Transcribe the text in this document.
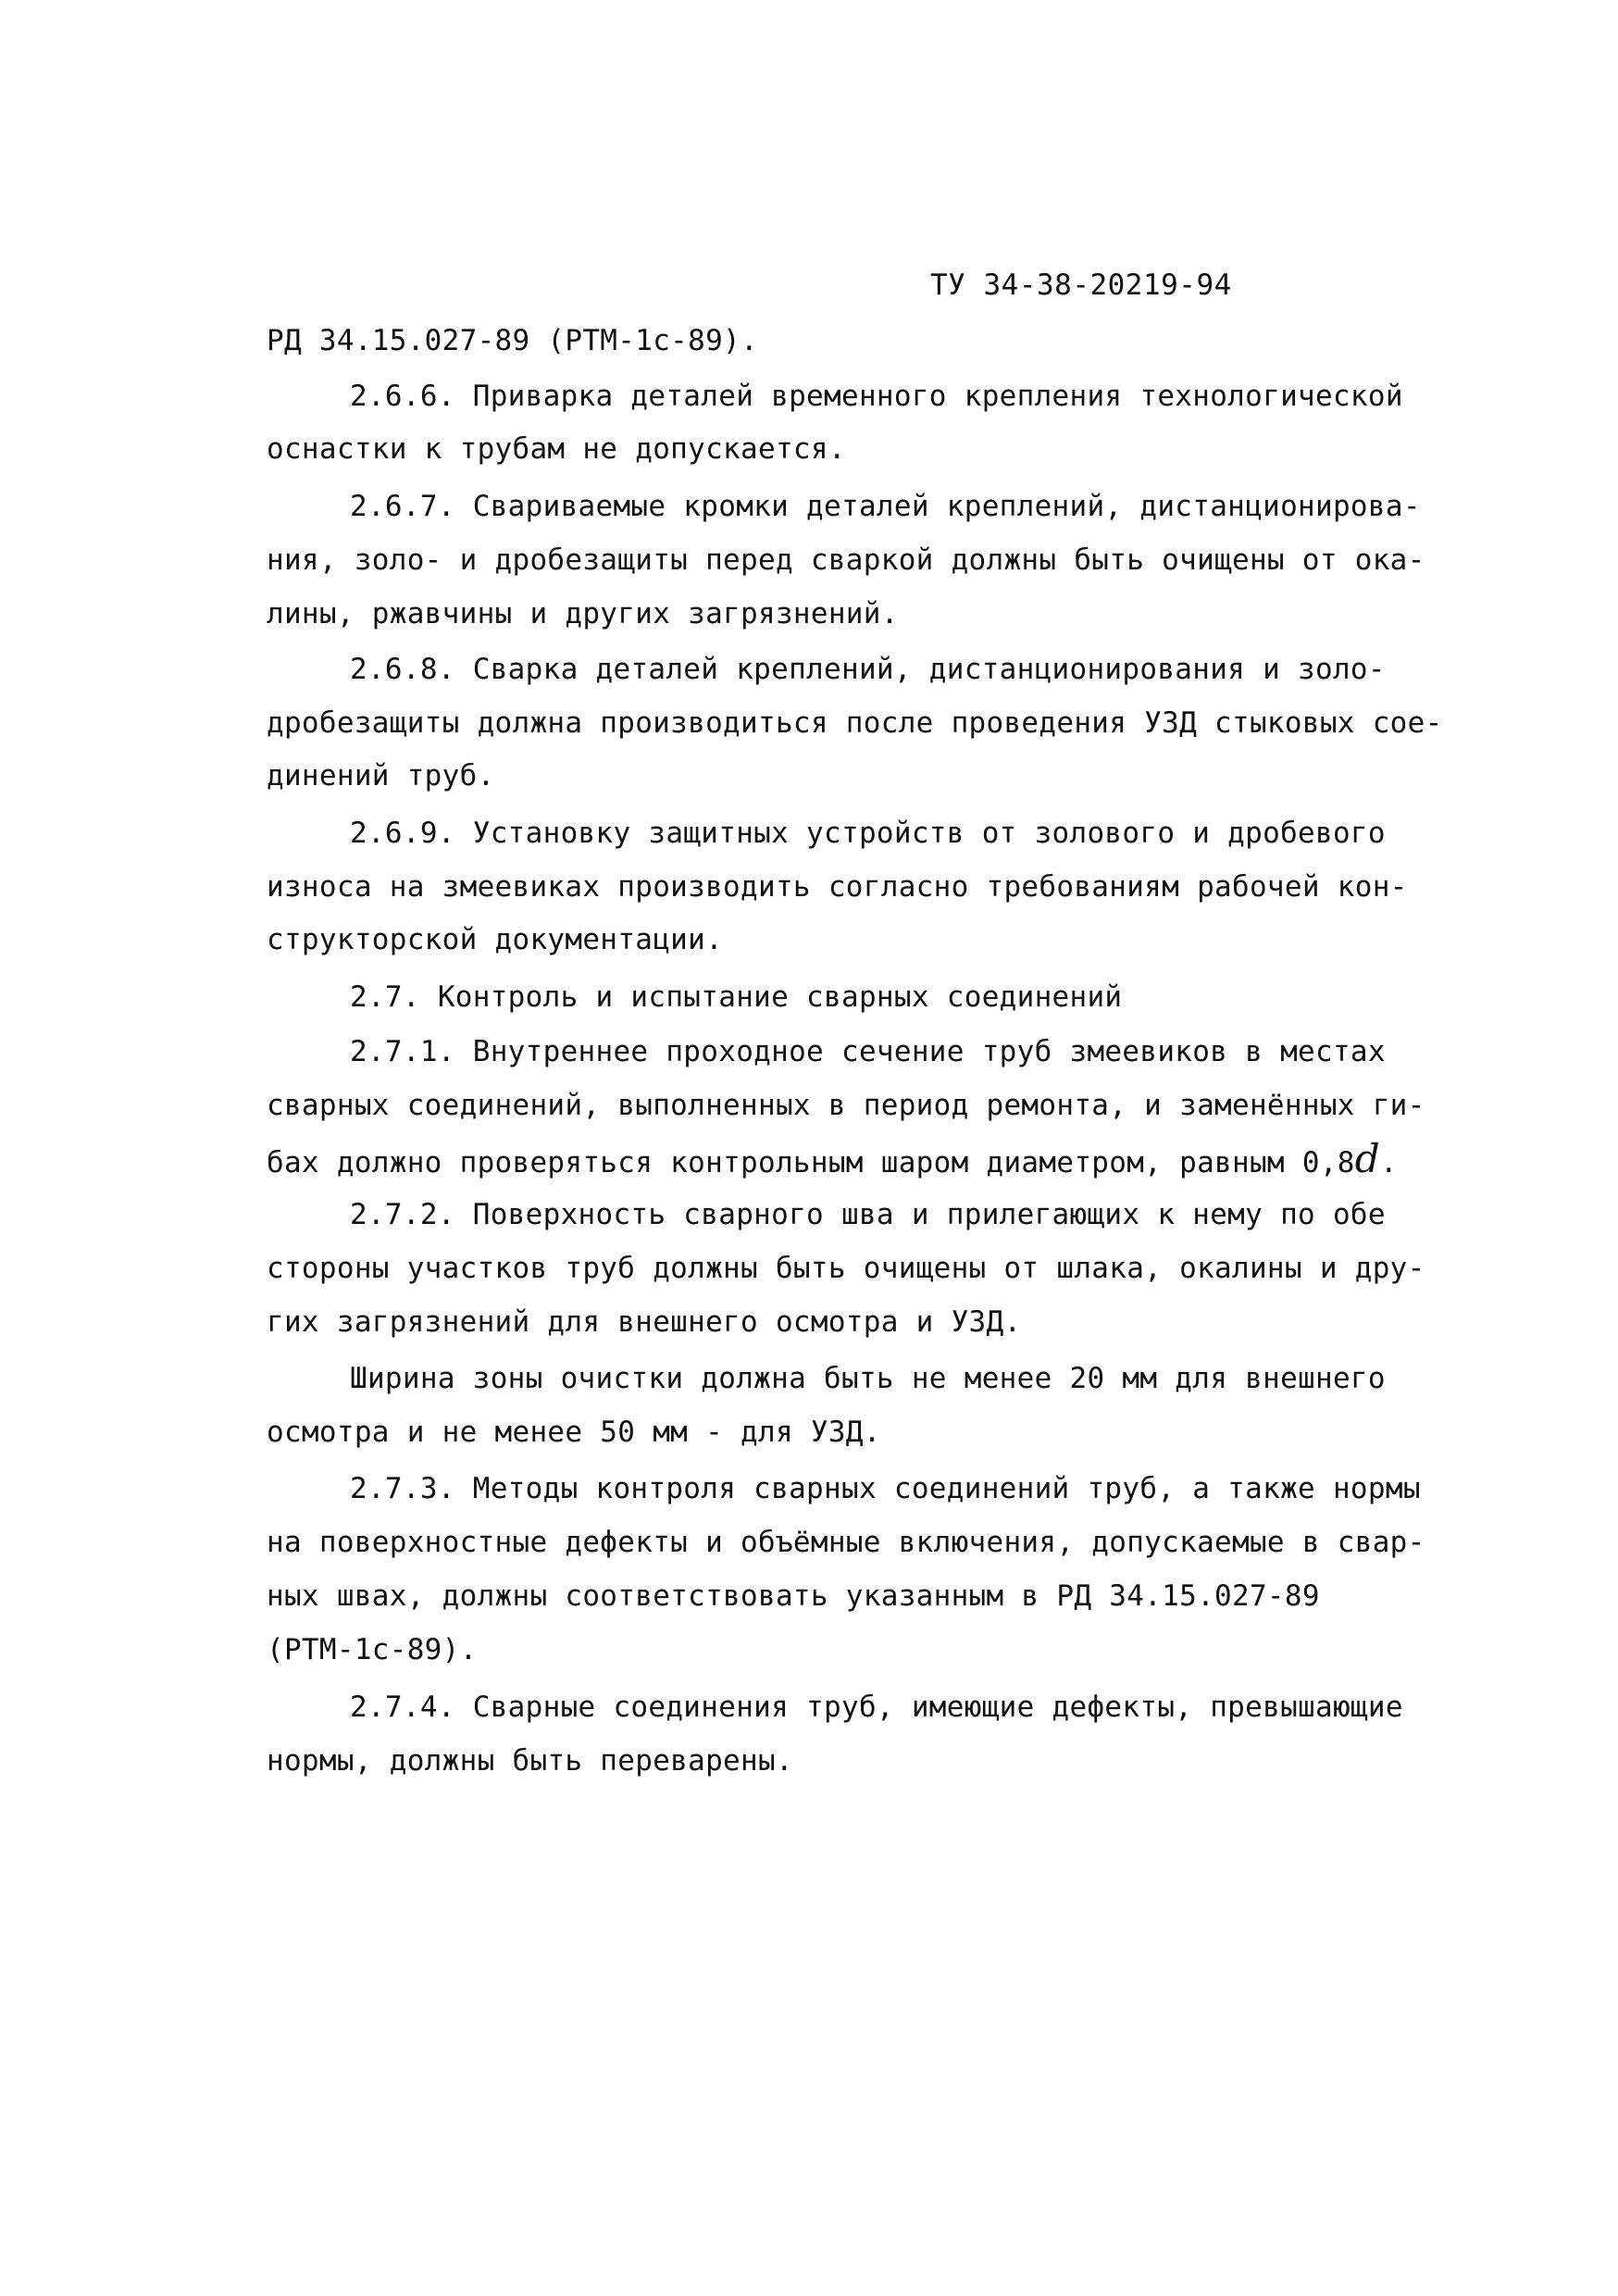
ТУ 34-38-20219-94
РД 34.15.027-89 (РТМ-1с-89).
2.6.6. Приварка деталей временного крепления технологической
оснастки к трубам не допускается.
2.6.7. Свариваемые кромки деталей креплений, дистанционирова-
ния, золо- и дробезащиты перед сваркой должны быть очищены от ока-
лины, ржавчины и других загрязнений.
2.6.8. Сварка деталей креплений, дистанционирования и золо-
дробезащиты должна производиться после проведения УЗД стыковых сое-
динений труб.
2.6.9. Установку защитных устройств от золового и дробевого
износа на змеевиках производить согласно требованиям рабочей кон-
структорской документации.
2.7. Контроль и испытание сварных соединений
2.7.1. Внутреннее проходное сечение труб змеевиков в местах
сварных соединений, выполненных в период ремонта, и заменённых ги-
бах должно проверяться контрольным шаром диаметром, равным 0,8d.
2.7.2. Поверхность сварного шва и прилегающих к нему по обе
стороны участков труб должны быть очищены от шлака, окалины и дру-
гих загрязнений для внешнего осмотра и УЗД.
Ширина зоны очистки должна быть не менее 20 мм для внешнего
осмотра и не менее 50 мм - для УЗД.
2.7.3. Методы контроля сварных соединений труб, а также нормы
на поверхностные дефекты и объёмные включения, допускаемые в свар-
ных швах, должны соответствовать указанным в РД 34.15.027-89
(РТМ-1с-89).
2.7.4. Сварные соединения труб, имеющие дефекты, превышающие
нормы, должны быть переварены.
